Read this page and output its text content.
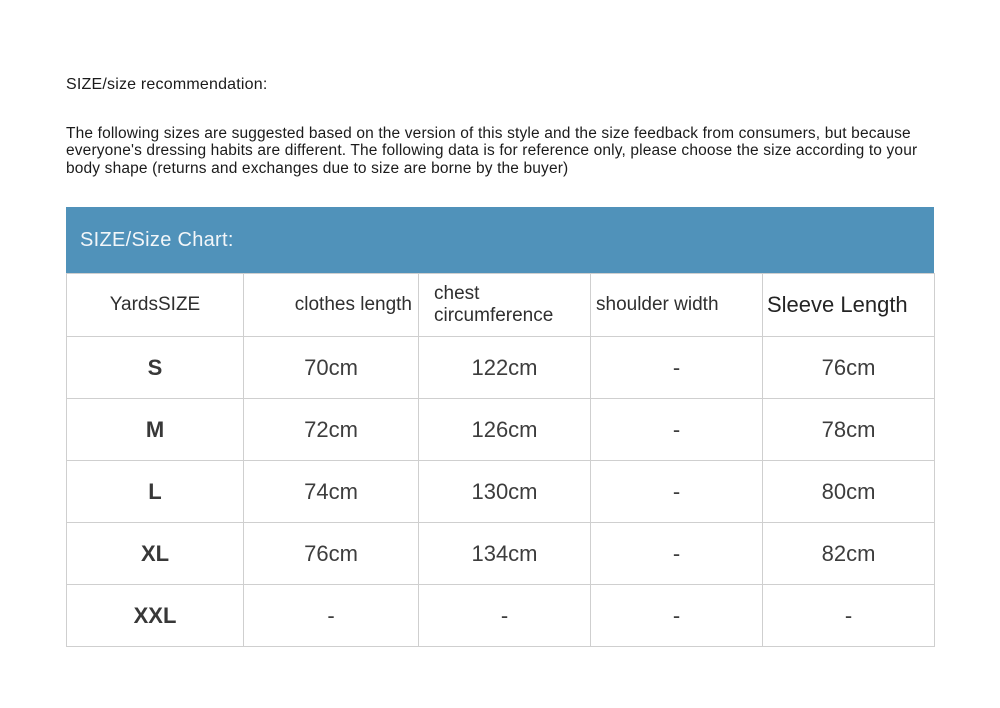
SIZE/size recommendation:

The following sizes are suggested based on the version of this style and the size feedback from consumers, but because everyone's dressing habits are different. The following data is for reference only, please choose the size according to your body shape (returns and exchanges due to size are borne by the buyer)

SIZE/Size Chart:
YardsSIZE	clothes length	chest circumference	shoulder width	Sleeve Length
S	70cm	122cm	-	76cm
M	72cm	126cm	-	78cm
L	74cm	130cm	-	80cm
XL	76cm	134cm	-	82cm
XXL	-	-	-	-
